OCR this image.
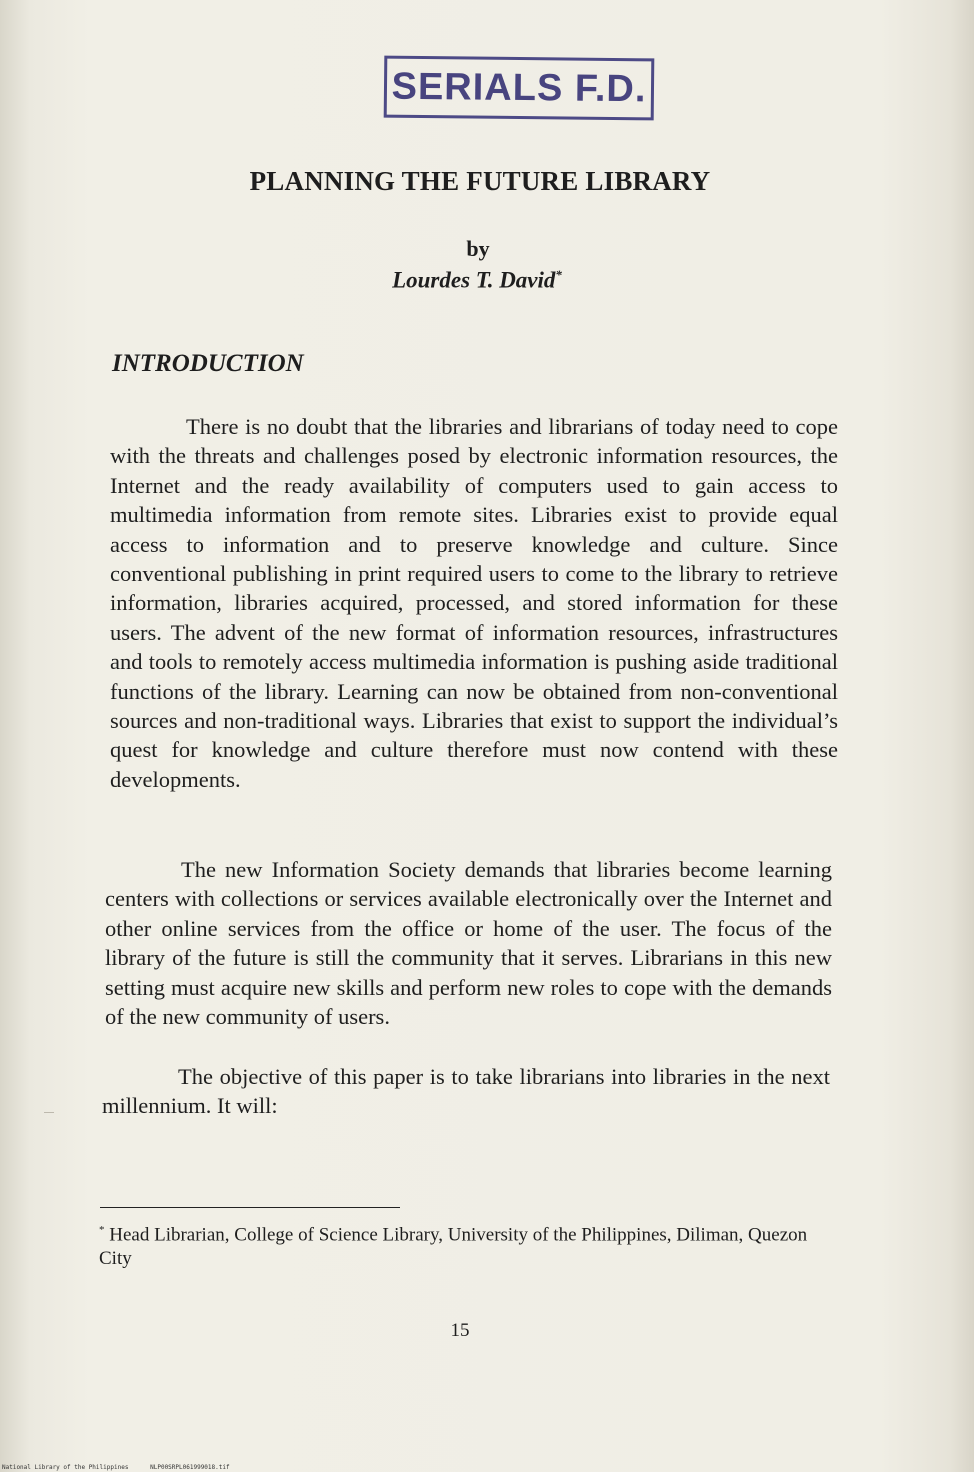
SERIALS F.D.
PLANNING THE FUTURE LIBRARY
by
Lourdes T. David*
INTRODUCTION

There is no doubt that the libraries and librarians of today need to cope with the threats and challenges posed by electronic information resources, the Internet and the ready availability of computers used to gain access to multimedia information from remote sites. Libraries exist to provide equal access to information and to preserve knowledge and culture. Since conventional publishing in print required users to come to the library to retrieve information, libraries acquired, processed, and stored information for these users. The advent of the new format of information resources, infrastructures and tools to remotely access multimedia information is pushing aside traditional functions of the library. Learning can now be obtained from non-conventional sources and non-traditional ways. Libraries that exist to support the individual’s quest for knowledge and culture therefore must now contend with these developments.

The new Information Society demands that libraries become learning centers with collections or services available electronically over the Internet and other online services from the office or home of the user. The focus of the library of the future is still the community that it serves. Librarians in this new setting must acquire new skills and perform new roles to cope with the demands of the new community of users.

The objective of this paper is to take librarians into libraries in the next millennium. It will:

* Head Librarian, College of Science Library, University of the Philippines, Diliman, Quezon City

15
National Library of the Philippines	NLP00SRPL061999018.tif
